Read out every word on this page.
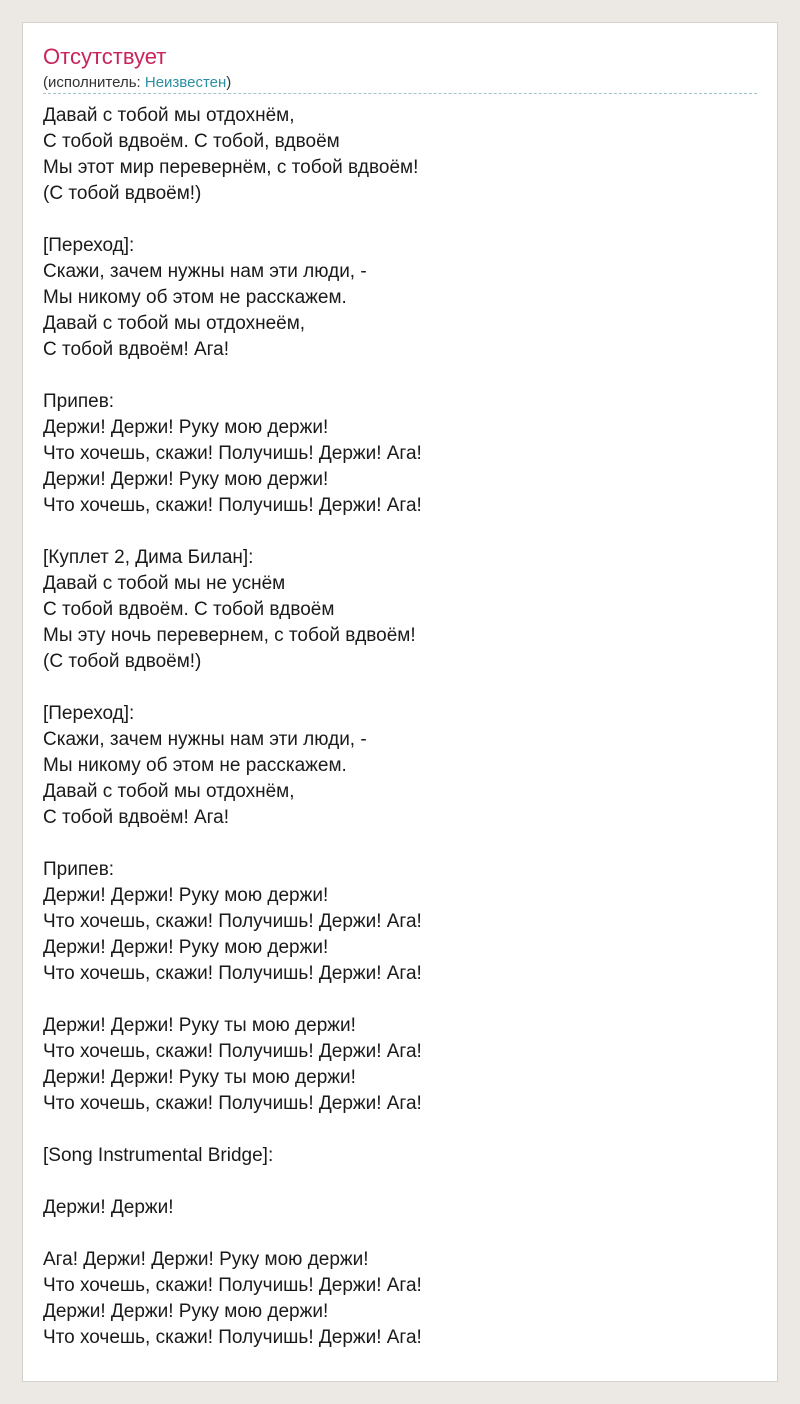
Отсутствует
(исполнитель: Неизвестен)
Давай с тобой мы отдохнём,
С тобой вдвоём. С тобой, вдвоём
Мы этот мир перевернём, с тобой вдвоём!
(С тобой вдвоём!)
[Переход]:
Скажи, зачем нужны нам эти люди, -
Мы никому об этом не расскажем.
Давай с тобой мы отдохнеём,
С тобой вдвоём! Ага!
Припев:
Держи! Держи! Руку мою держи!
Что хочешь, скажи! Получишь! Держи! Ага!
Держи! Держи! Руку мою держи!
Что хочешь, скажи! Получишь! Держи! Ага!
[Куплет 2, Дима Билан]:
Давай с тобой мы не уснём
С тобой вдвоём. С тобой вдвоём
Мы эту ночь перевернем, с тобой вдвоём!
(С тобой вдвоём!)
[Переход]:
Скажи, зачем нужны нам эти люди, -
Мы никому об этом не расскажем.
Давай с тобой мы отдохнём,
С тобой вдвоём! Ага!
Припев:
Держи! Держи! Руку мою держи!
Что хочешь, скажи! Получишь! Держи! Ага!
Держи! Держи! Руку мою держи!
Что хочешь, скажи! Получишь! Держи! Ага!
Держи! Держи! Руку ты мою держи!
Что хочешь, скажи! Получишь! Держи! Ага!
Держи! Держи! Руку ты мою держи!
Что хочешь, скажи! Получишь! Держи! Ага!
[Song Instrumental Bridge]:
Держи! Держи!
Ага! Держи! Держи! Руку мою держи!
Что хочешь, скажи! Получишь! Держи! Ага!
Держи! Держи! Руку мою держи!
Что хочешь, скажи! Получишь! Держи! Ага!
